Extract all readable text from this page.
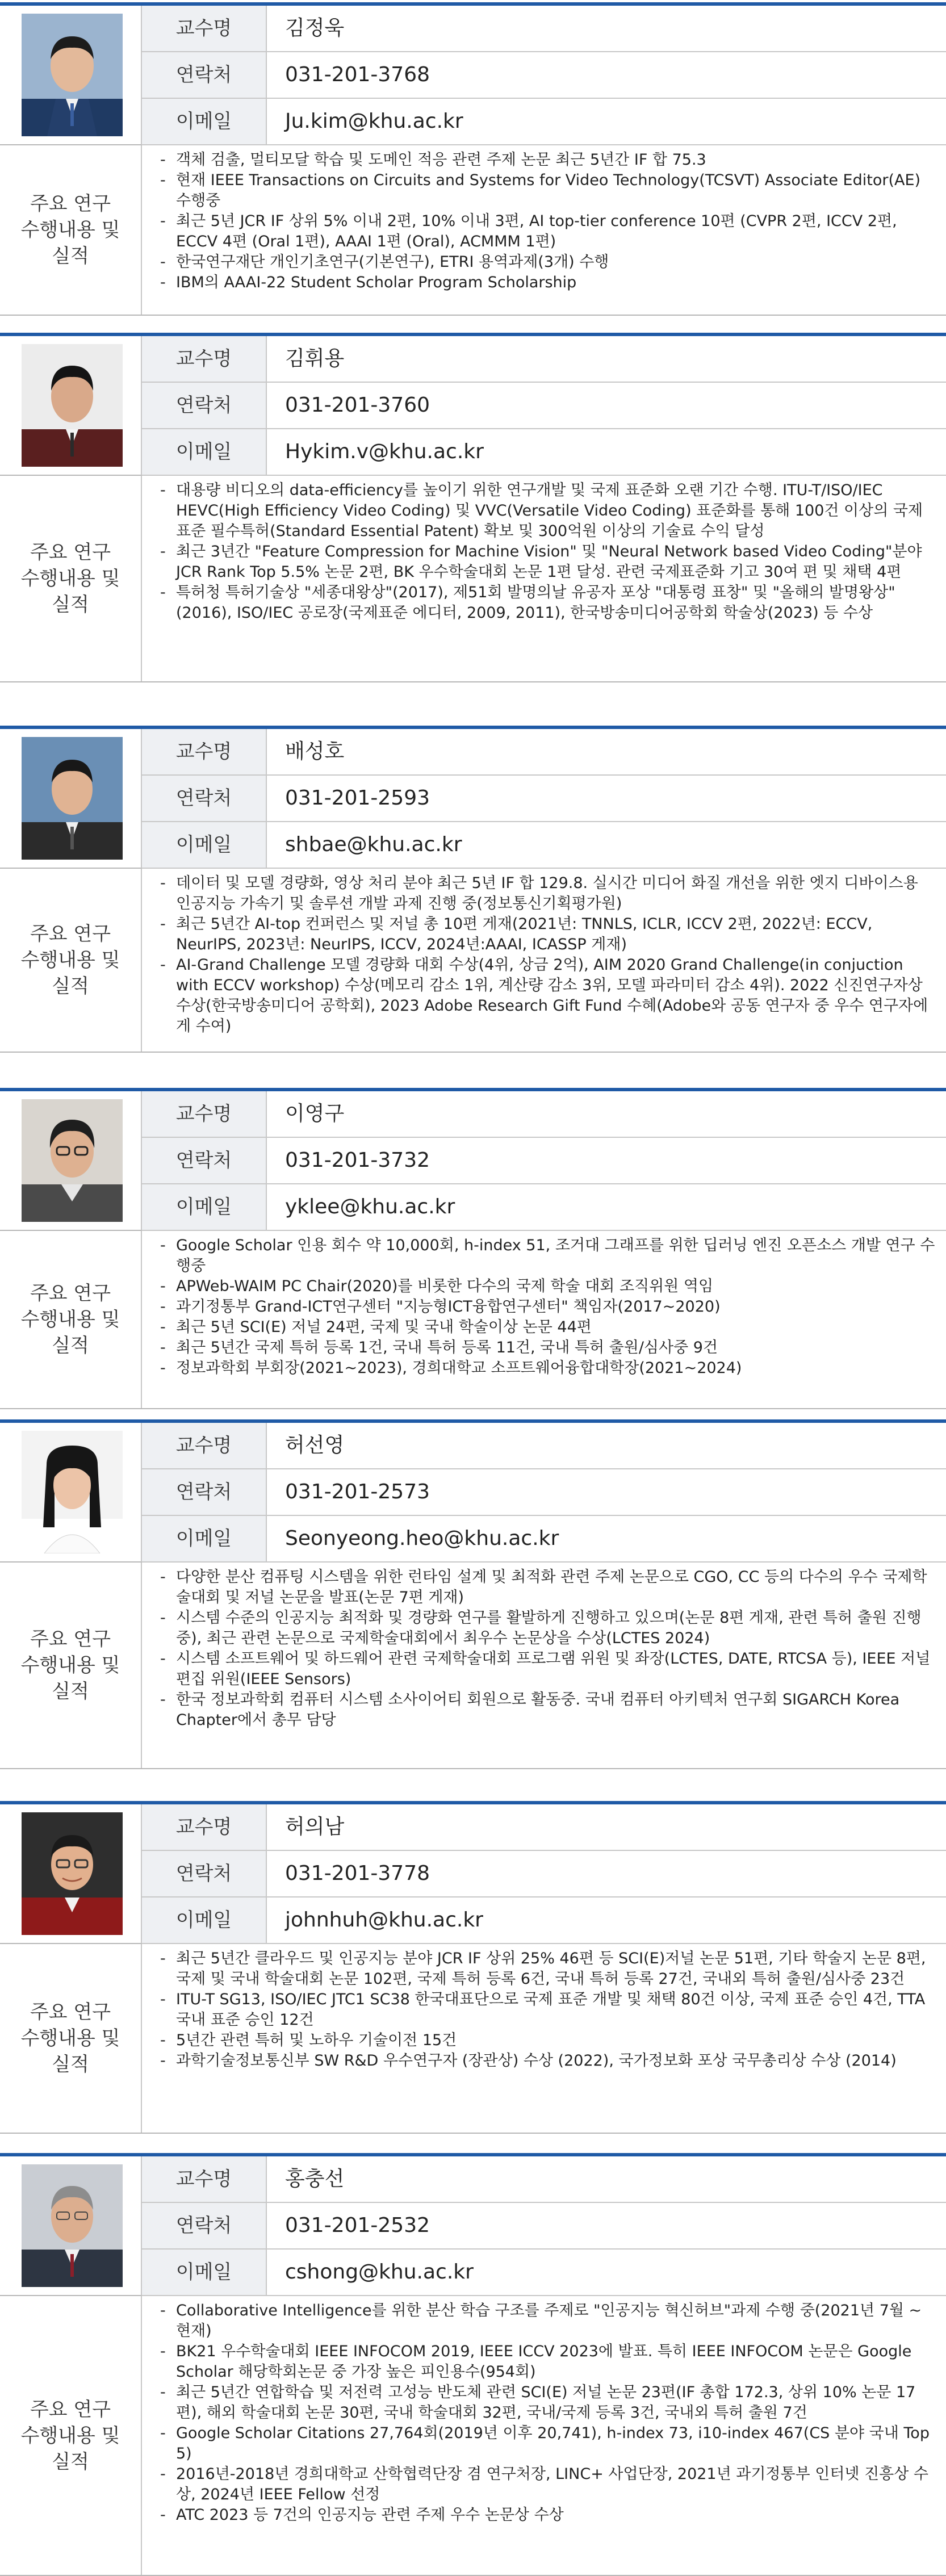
교수명	김정욱
연락처	031-201-3768
이메일	Ju.kim@khu.ac.kr
주요 연구
수행내용 및
실적
- 객체 검출, 멀티모달 학습 및 도메인 적응 관련 주제 논문 최근 5년간 IF 합 75.3
- 현재 IEEE Transactions on Circuits and Systems for Video Technology(TCSVT) Associate Editor(AE) 수행중
- 최근 5년 JCR IF 상위 5% 이내 2편, 10% 이내 3편, AI top-tier conference 10편 (CVPR 2편, ICCV 2편, ECCV 4편 (Oral 1편), AAAI 1편 (Oral), ACMMM 1편)
- 한국연구재단 개인기초연구(기본연구), ETRI 용역과제(3개) 수행
- IBM의 AAAI-22 Student Scholar Program Scholarship
교수명	김휘용
연락처	031-201-3760
이메일	Hykim.v@khu.ac.kr
주요 연구
수행내용 및
실적
- 대용량 비디오의 data-efficiency를 높이기 위한 연구개발 및 국제 표준화 오랜 기간 수행. ITU-T/ISO/IEC HEVC(High Efficiency Video Coding) 및 VVC(Versatile Video Coding) 표준화를 통해 100건 이상의 국제표준 필수특허(Standard Essential Patent) 확보 및 300억원 이상의 기술료 수익 달성
- 최근 3년간 "Feature Compression for Machine Vision" 및 "Neural Network based Video Coding"분야 JCR Rank Top 5.5% 논문 2편, BK 우수학술대회 논문 1편 달성. 관련 국제표준화 기고 30여 편 및 채택 4편
- 특허청 특허기술상 "세종대왕상"(2017), 제51회 발명의날 유공자 포상 "대통령 표창" 및 "올해의 발명왕상"(2016), ISO/IEC 공로장(국제표준 에디터, 2009, 2011), 한국방송미디어공학회 학술상(2023) 등 수상
교수명	배성호
연락처	031-201-2593
이메일	shbae@khu.ac.kr
주요 연구
수행내용 및
실적
- 데이터 및 모델 경량화, 영상 처리 분야 최근 5년 IF 합 129.8. 실시간 미디어 화질 개선을 위한 엣지 디바이스용 인공지능 가속기 및 솔루션 개발 과제 진행 중(정보통신기획평가원)
- 최근 5년간 AI-top 컨퍼런스 및 저널 총 10편 게재(2021년: TNNLS, ICLR, ICCV 2편, 2022년: ECCV, NeurIPS, 2023년: NeurIPS, ICCV, 2024년:AAAI, ICASSP 게재)
- AI-Grand Challenge 모델 경량화 대회 수상(4위, 상금 2억), AIM 2020 Grand Challenge(in conjuction with ECCV workshop) 수상(메모리 감소 1위, 계산량 감소 3위, 모델 파라미터 감소 4위). 2022 신진연구자상 수상(한국방송미디어 공학회), 2023 Adobe Research Gift Fund 수혜(Adobe와 공동 연구자 중 우수 연구자에게 수여)
교수명	이영구
연락처	031-201-3732
이메일	yklee@khu.ac.kr
주요 연구
수행내용 및
실적
- Google Scholar 인용 회수 약 10,000회, h-index 51, 조거대 그래프를 위한 딥러닝 엔진 오픈소스 개발 연구 수행중
- APWeb-WAIM PC Chair(2020)를 비롯한 다수의 국제 학술 대회 조직위원 역임
- 과기정통부 Grand-ICT연구센터 "지능형ICT융합연구센터" 책임자(2017~2020)
- 최근 5년 SCI(E) 저널 24편, 국제 및 국내 학술이상 논문 44편
- 최근 5년간 국제 특허 등록 1건, 국내 특허 등록 11건, 국내 특허 출원/심사중 9건
- 정보과학회 부회장(2021~2023), 경희대학교 소프트웨어융합대학장(2021~2024)
교수명	허선영
연락처	031-201-2573
이메일	Seonyeong.heo@khu.ac.kr
주요 연구
수행내용 및
실적
- 다양한 분산 컴퓨팅 시스템을 위한 런타임 설계 및 최적화 관련 주제 논문으로 CGO, CC 등의 다수의 우수 국제학술대회 및 저널 논문을 발표(논문 7편 게재)
- 시스템 수준의 인공지능 최적화 및 경량화 연구를 활발하게 진행하고 있으며(논문 8편 게재, 관련 특허 출원 진행 중), 최근 관련 논문으로 국제학술대회에서 최우수 논문상을 수상(LCTES 2024)
- 시스템 소프트웨어 및 하드웨어 관련 국제학술대회 프로그램 위원 및 좌장(LCTES, DATE, RTCSA 등), IEEE 저널 편집 위원(IEEE Sensors)
- 한국 정보과학회 컴퓨터 시스템 소사이어티 회원으로 활동중. 국내 컴퓨터 아키텍처 연구회 SIGARCH Korea Chapter에서 총무 담당
교수명	허의남
연락처	031-201-3778
이메일	johnhuh@khu.ac.kr
주요 연구
수행내용 및
실적
- 최근 5년간 클라우드 및 인공지능 분야 JCR IF 상위 25% 46편 등 SCI(E)저널 논문 51편, 기타 학술지 논문 8편, 국제 및 국내 학술대회 논문 102편, 국제 특허 등록 6건, 국내 특허 등록 27건, 국내외 특허 출원/심사중 23건
- ITU-T SG13, ISO/IEC JTC1 SC38 한국대표단으로 국제 표준 개발 및 채택 80건 이상, 국제 표준 승인 4건, TTA 국내 표준 승인 12건
- 5년간 관련 특허 및 노하우 기술이전 15건
- 과학기술정보통신부 SW R&D 우수연구자 (장관상) 수상 (2022), 국가정보화 포상 국무총리상 수상 (2014)
교수명	홍충선
연락처	031-201-2532
이메일	cshong@khu.ac.kr
주요 연구
수행내용 및
실적
- Collaborative Intelligence를 위한 분산 학습 구조를 주제로 "인공지능 혁신허브"과제 수행 중(2021년 7월 ~ 현재)
- BK21 우수학술대회 IEEE INFOCOM 2019, IEEE ICCV 2023에 발표. 특히 IEEE INFOCOM 논문은 Google Scholar 해당학회논문 중 가장 높은 피인용수(954회)
- 최근 5년간 연합학습 및 저전력 고성능 반도체 관련 SCI(E) 저널 논문 23편(IF 총합 172.3, 상위 10% 논문 17편), 해외 학술대회 논문 30편, 국내 학술대회 32편, 국내/국제 등록 3건, 국내외 특허 출원 7건
- Google Scholar Citations 27,764회(2019년 이후 20,741), h-index 73, i10-index 467(CS 분야 국내 Top 5)
- 2016년-2018년 경희대학교 산학협력단장 겸 연구처장, LINC+ 사업단장, 2021년 과기정통부 인터넷 진흥상 수상, 2024년 IEEE Fellow 선정
- ATC 2023 등 7건의 인공지능 관련 주제 우수 논문상 수상
